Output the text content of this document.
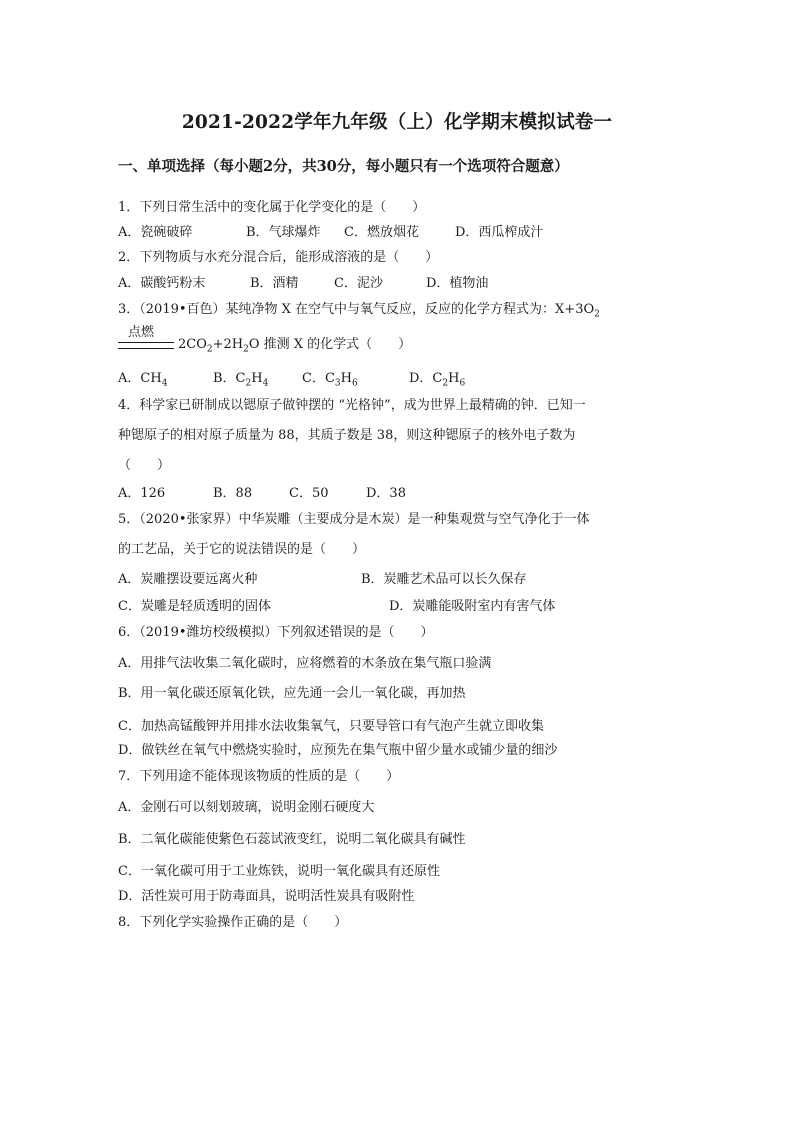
2021-2022学年九年级（上）化学期末模拟试卷一
一、单项选择（每小题2分，共30分，每小题只有一个选项符合题意）
1．下列日常生活中的变化属于化学变化的是（　　）
A．瓷碗破碎	B．气球爆炸 C．燃放烟花	D．西瓜榨成汁
2．下列物质与水充分混合后，能形成溶液的是（　　）
A．碳酸钙粉末	B．酒精	C．泥沙	D．植物油
3．（2019•百色）某纯净物 X 在空气中与氧气反应，反应的化学方程式为：$X+3O_2$
点燃
$2CO_2+2H_2O$ 推测 X 的化学式（　　）
A．$CH_4$	B．$C_2H_4$	C．$C_3H_6$	D．$C_2H_6$
4．科学家已研制成以锶原子做钟摆的 “光格钟”，成为世界上最精确的钟．已知一
种锶原子的相对原子质量为 88，其质子数是 38，则这种锶原子的核外电子数为
（　　）
A．126	B．88	C．50	D．38
5．（2020•张家界）中华炭雕（主要成分是木炭）是一种集观赏与空气净化于一体
的工艺品，关于它的说法错误的是（　　）
A．炭雕摆设要远离火种	B．炭雕艺术品可以长久保存
C．炭雕是轻质透明的固体	D．炭雕能吸附室内有害气体
6．（2019•潍坊校级模拟）下列叙述错误的是（　　）
A．用排气法收集二氧化碳时，应将燃着的木条放在集气瓶口验满
B．用一氧化碳还原氧化铁，应先通一会儿一氧化碳，再加热
C．加热高锰酸钾并用排水法收集氧气，只要导管口有气泡产生就立即收集
D．做铁丝在氧气中燃烧实验时，应预先在集气瓶中留少量水或铺少量的细沙
7．下列用途不能体现该物质的性质的是（　　）
A．金刚石可以刻划玻璃，说明金刚石硬度大
B．二氧化碳能使紫色石蕊试液变红，说明二氧化碳具有碱性
C．一氧化碳可用于工业炼铁，说明一氧化碳具有还原性
D．活性炭可用于防毒面具，说明活性炭具有吸附性
8．下列化学实验操作正确的是（　　）
